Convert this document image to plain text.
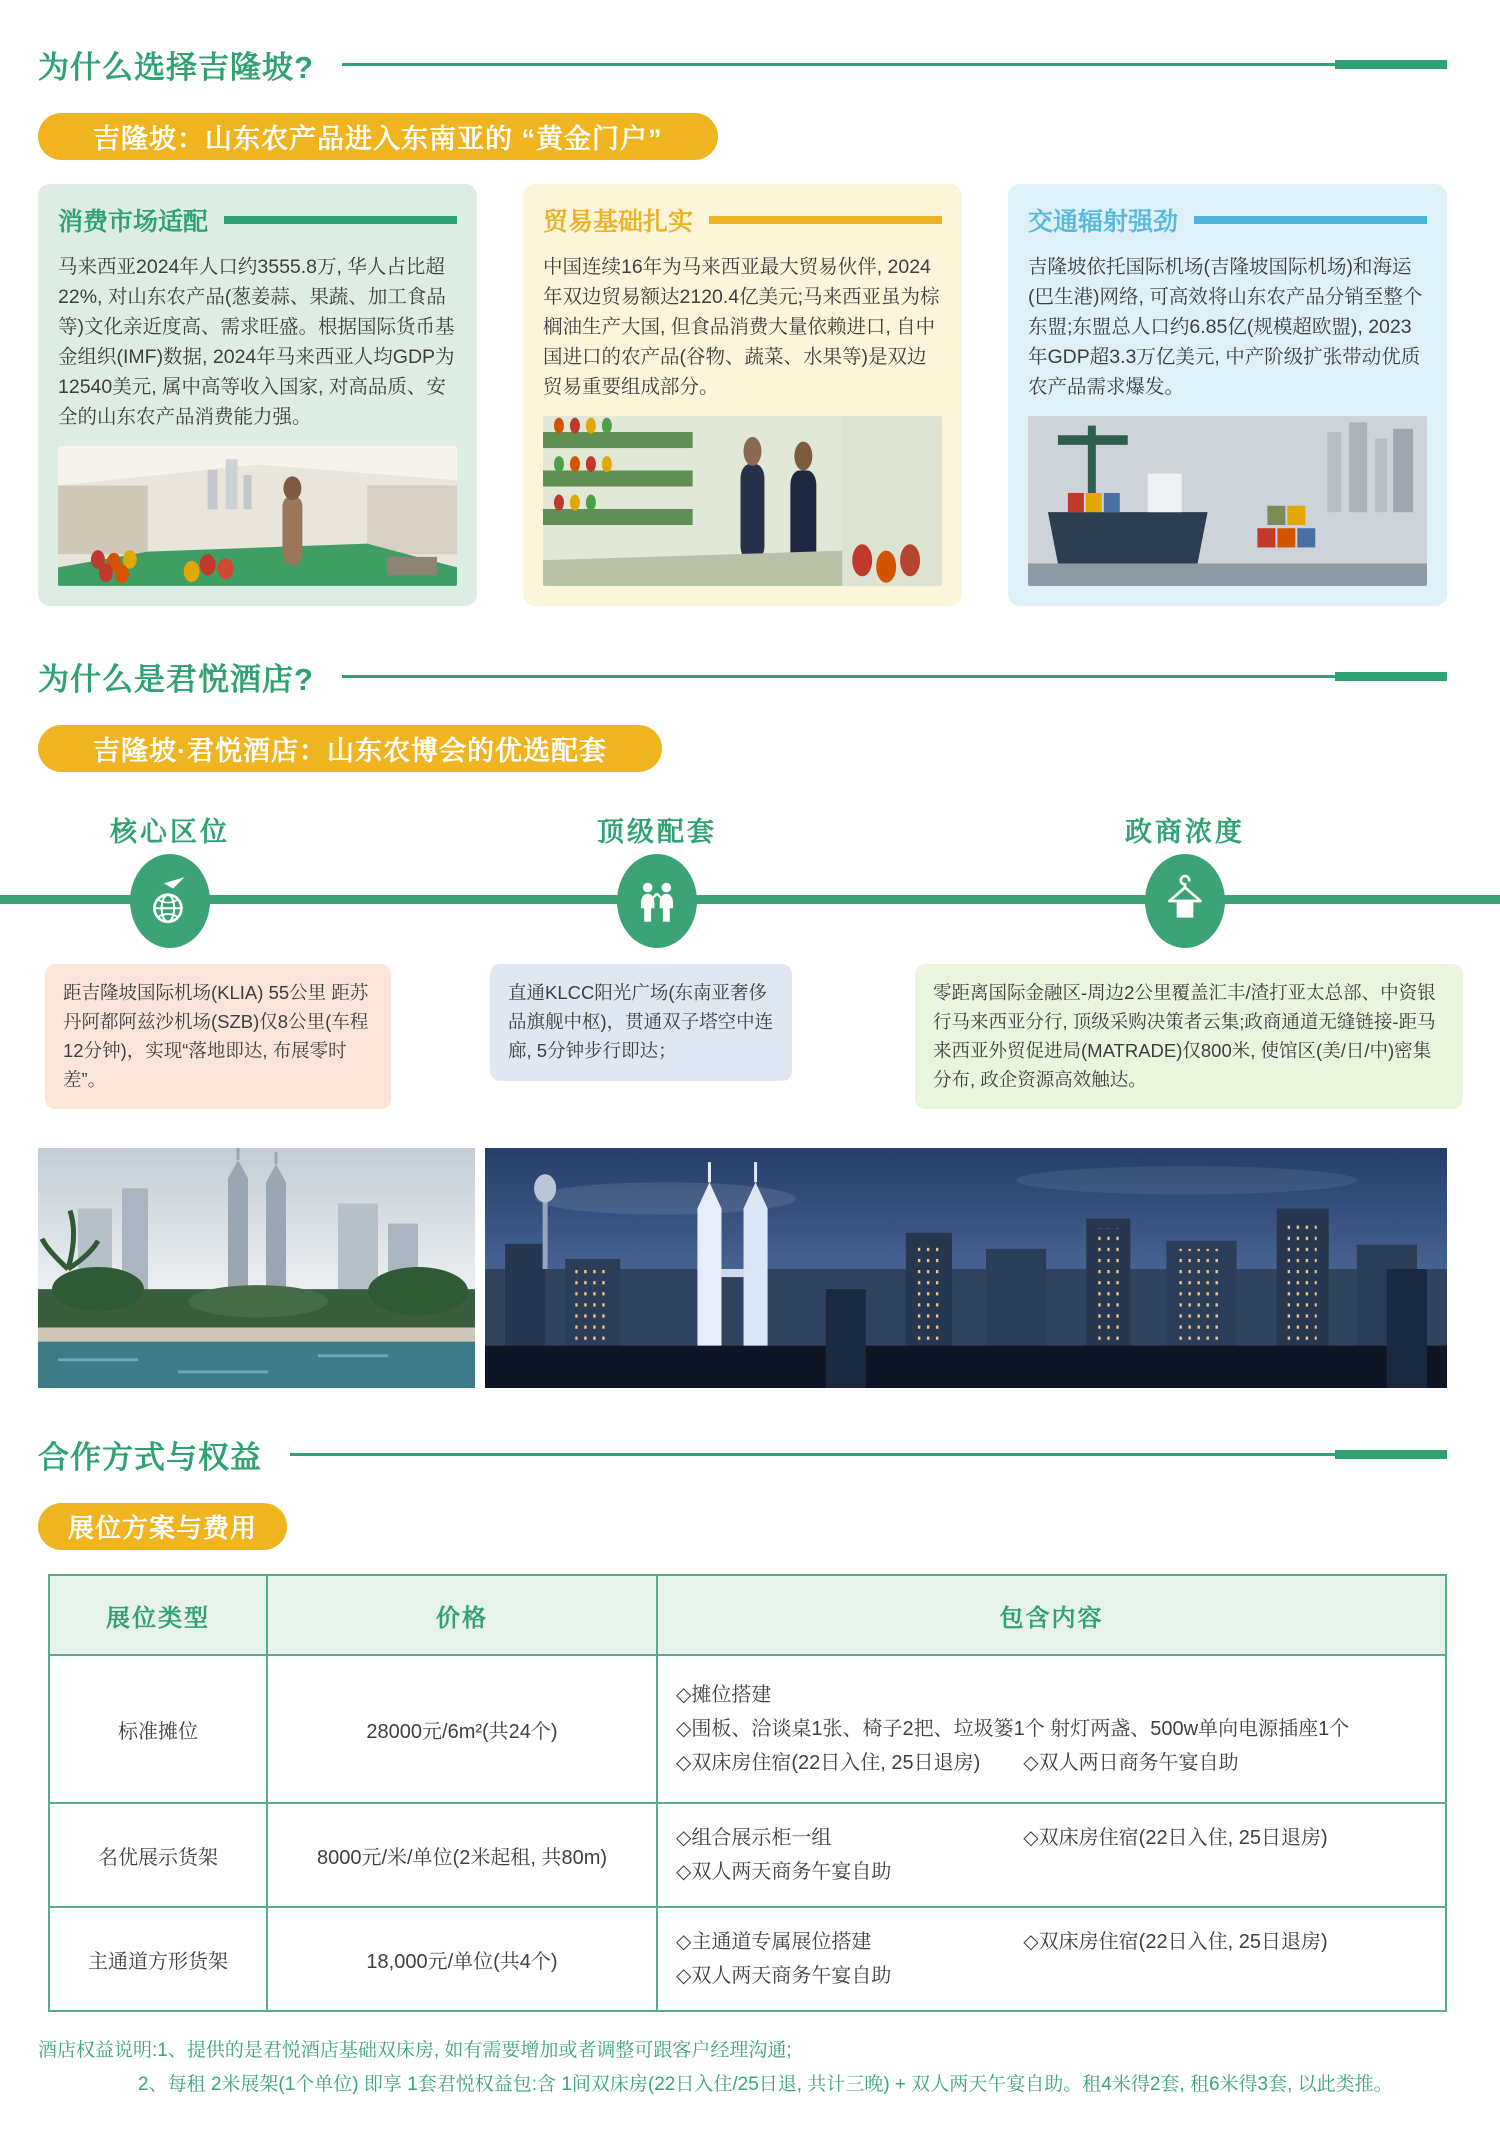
为什么选择吉隆坡?
吉隆坡：山东农产品进入东南亚的 “黄金门户”
消费市场适配
马来西亚2024年人口约3555.8万, 华人占比超22%, 对山东农产品(葱姜蒜、果蔬、加工食品等)文化亲近度高、需求旺盛。根据国际货币基金组织(IMF)数据, 2024年马来西亚人均GDP为12540美元, 属中高等收入国家, 对高品质、安全的山东农产品消费能力强。
贸易基础扎实
中国连续16年为马来西亚最大贸易伙伴, 2024年双边贸易额达2120.4亿美元;马来西亚虽为棕榈油生产大国, 但食品消费大量依赖进口, 自中国进口的农产品(谷物、蔬菜、水果等)是双边贸易重要组成部分。
交通辐射强劲
吉隆坡依托国际机场(吉隆坡国际机场)和海运(巴生港)网络, 可高效将山东农产品分销至整个东盟;东盟总人口约6.85亿(规模超欧盟), 2023年GDP超3.3万亿美元, 中产阶级扩张带动优质农产品需求爆发。
为什么是君悦酒店?
吉隆坡·君悦酒店：山东农博会的优选配套
核心区位	顶级配套	政商浓度
距吉隆坡国际机场(KLIA) 55公里 距苏丹阿都阿兹沙机场(SZB)仅8公里(车程12分钟)，实现“落地即达, 布展零时差”。
直通KLCC阳光广场(东南亚奢侈品旗舰中枢)，贯通双子塔空中连廊, 5分钟步行即达；
零距离国际金融区-周边2公里覆盖汇丰/渣打亚太总部、中资银行马来西亚分行, 顶级采购决策者云集;政商通道无缝链接-距马来西亚外贸促进局(MATRADE)仅800米, 使馆区(美/日/中)密集分布, 政企资源高效触达。
合作方式与权益
展位方案与费用
展位类型	价格	包含内容
标准摊位	28000元/6m²(共24个)	◇摊位搭建
◇围板、洽谈桌1张、椅子2把、垃圾篓1个 射灯两盏、500w单向电源插座1个
◇双床房住宿(22日入住, 25日退房) ◇双人两日商务午宴自助

名优展示货架	8000元/米/单位(2米起租, 共80m)	◇组合展示柜一组 ◇双床房住宿(22日入住, 25日退房)
◇双人两天商务午宴自助

主通道方形货架	18,000元/单位(共4个)	◇主通道专属展位搭建 ◇双床房住宿(22日入住, 25日退房)
◇双人两天商务午宴自助
酒店权益说明:1、提供的是君悦酒店基础双床房, 如有需要增加或者调整可跟客户经理沟通;
2、每租 2米展架(1个单位) 即享 1套君悦权益包:含 1间双床房(22日入住/25日退, 共计三晚) + 双人两天午宴自助。租4米得2套, 租6米得3套, 以此类推。
